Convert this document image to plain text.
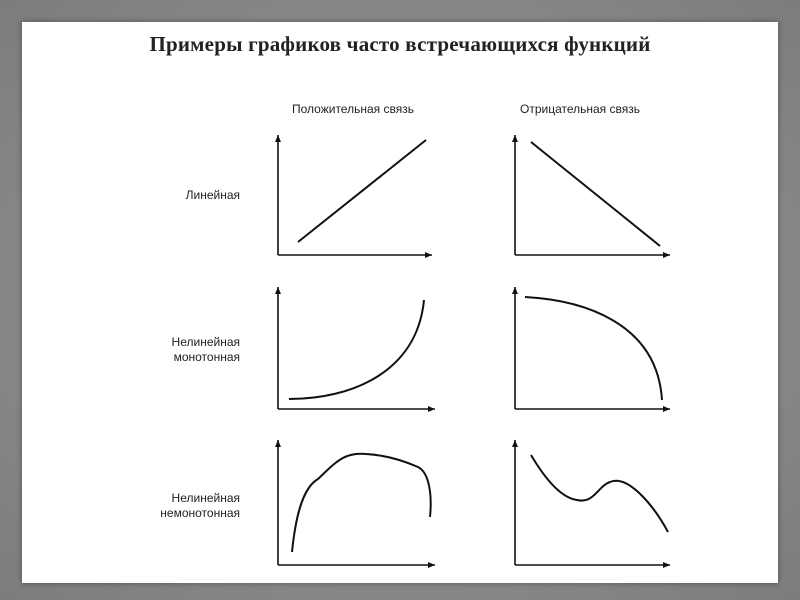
Примеры графиков часто встречающихся функций
Положительная связь	Отрицательная связь
Линейная
Нелинейная
монотонная
Нелинейная
немонотонная
